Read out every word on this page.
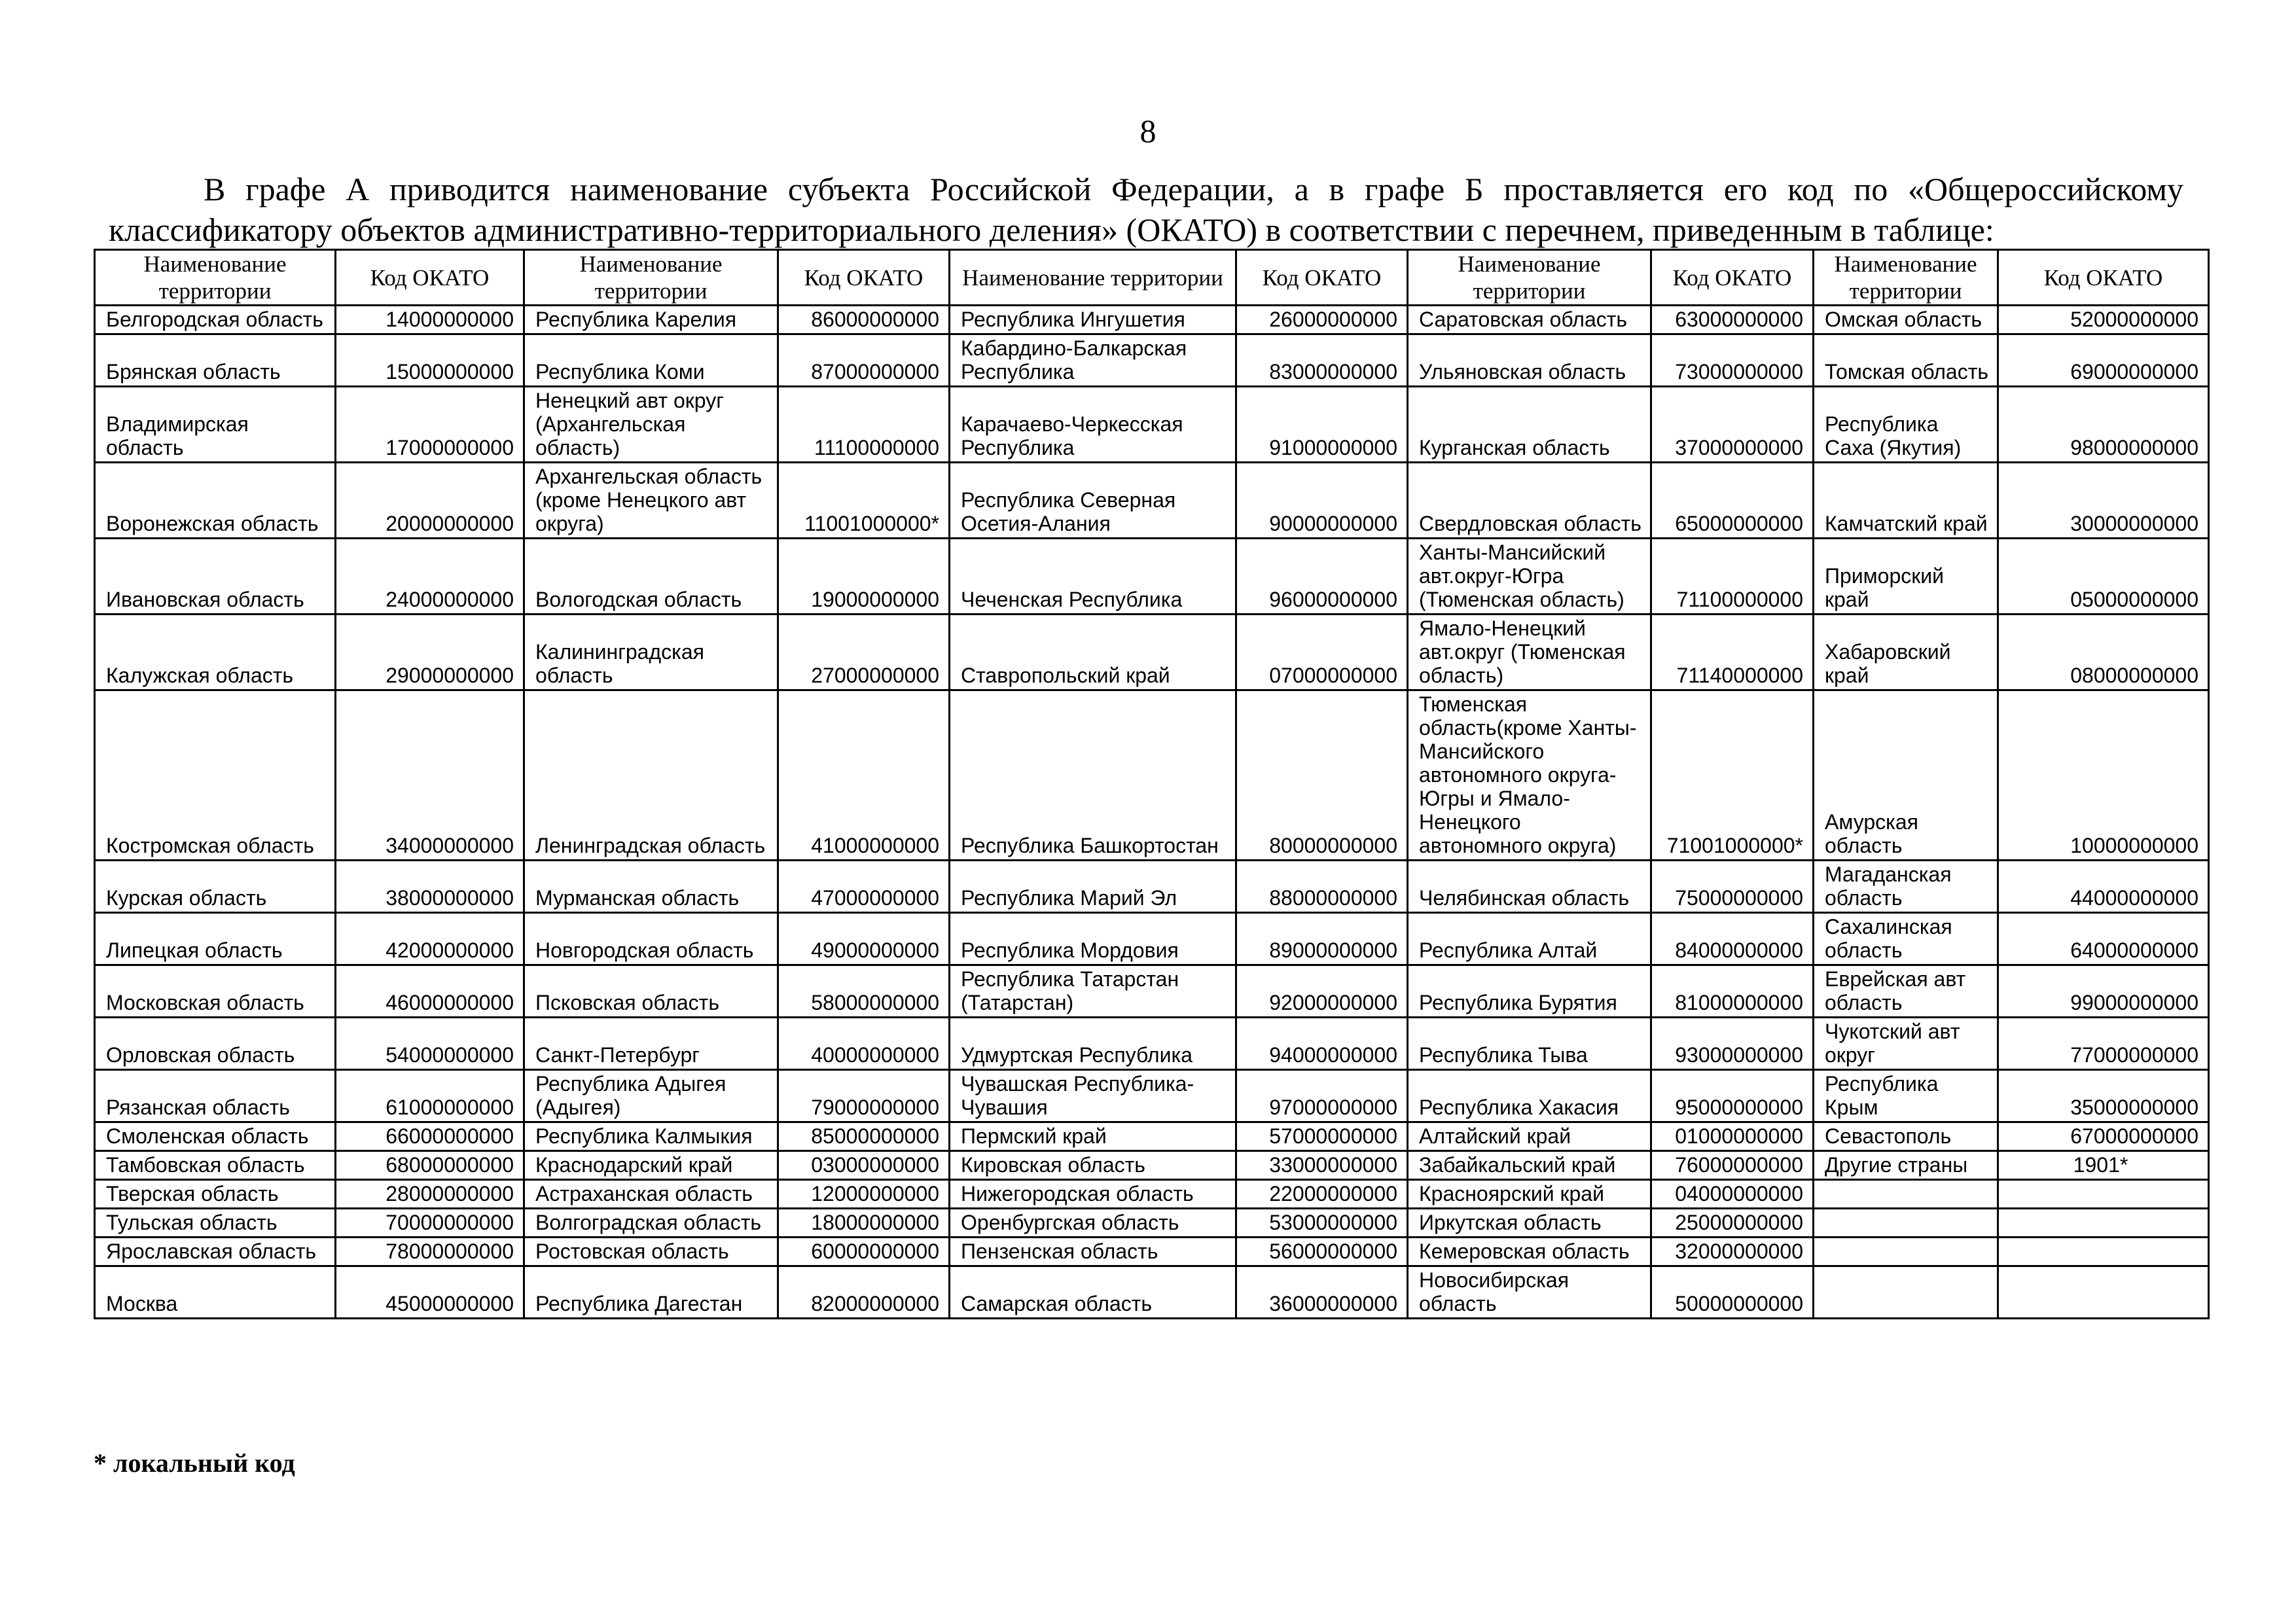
8
В графе А приводится наименование субъекта Российской Федерации, а в графе Б проставляется его код по «Общероссийскому классификатору объектов административно-территориального деления» (ОКАТО) в соответствии с перечнем, приведенным в таблице:
Наименование территории	Код ОКАТО	Наименование территории	Код ОКАТО	Наименование территории	Код ОКАТО	Наименование территории	Код ОКАТО	Наименование территории	Код ОКАТО
Белгородская область	14000000000	Республика Карелия	86000000000	Республика Ингушетия	26000000000	Саратовская область	63000000000	Омская область	52000000000
Брянская область	15000000000	Республика Коми	87000000000	Кабардино-Балкарская Республика	83000000000	Ульяновская область	73000000000	Томская область	69000000000
Владимирская область	17000000000	Ненецкий авт округ (Архангельская область)	11100000000	Карачаево-Черкесская Республика	91000000000	Курганская область	37000000000	Республика Саха (Якутия)	98000000000
Воронежская область	20000000000	Архангельская область (кроме Ненецкого авт округа)	11001000000*	Республика Северная Осетия-Алания	90000000000	Свердловская область	65000000000	Камчатский край	30000000000
Ивановская область	24000000000	Вологодская область	19000000000	Чеченская Республика	96000000000	Ханты-Мансийский авт.округ-Югра (Тюменская область)	71100000000	Приморский край	05000000000
Калужская область	29000000000	Калининградская область	27000000000	Ставропольский край	07000000000	Ямало-Ненецкий авт.округ (Тюменская область)	71140000000	Хабаровский край	08000000000
Костромская область	34000000000	Ленинградская область	41000000000	Республика Башкортостан	80000000000	Тюменская область(кроме Ханты-Мансийского автономного округа-Югры и Ямало-Ненецкого автономного округа)	71001000000*	Амурская область	10000000000
Курская область	38000000000	Мурманская область	47000000000	Республика Марий Эл	88000000000	Челябинская область	75000000000	Магаданская область	44000000000
Липецкая область	42000000000	Новгородская область	49000000000	Республика Мордовия	89000000000	Республика Алтай	84000000000	Сахалинская область	64000000000
Московская область	46000000000	Псковская область	58000000000	Республика Татарстан (Татарстан)	92000000000	Республика Бурятия	81000000000	Еврейская авт область	99000000000
Орловская область	54000000000	Санкт-Петербург	40000000000	Удмуртская Республика	94000000000	Республика Тыва	93000000000	Чукотский авт округ	77000000000
Рязанская область	61000000000	Республика Адыгея (Адыгея)	79000000000	Чувашская Республика-Чувашия	97000000000	Республика Хакасия	95000000000	Республика Крым	35000000000
Смоленская область	66000000000	Республика Калмыкия	85000000000	Пермский край	57000000000	Алтайский край	01000000000	Севастополь	67000000000
Тамбовская область	68000000000	Краснодарский край	03000000000	Кировская область	33000000000	Забайкальский край	76000000000	Другие страны	1901*
Тверская область	28000000000	Астраханская область	12000000000	Нижегородская область	22000000000	Красноярский край	04000000000		
Тульская область	70000000000	Волгоградская область	18000000000	Оренбургская область	53000000000	Иркутская область	25000000000		
Ярославская область	78000000000	Ростовская область	60000000000	Пензенская область	56000000000	Кемеровская область	32000000000		
Москва	45000000000	Республика Дагестан	82000000000	Самарская область	36000000000	Новосибирская область	50000000000		
* локальный код
